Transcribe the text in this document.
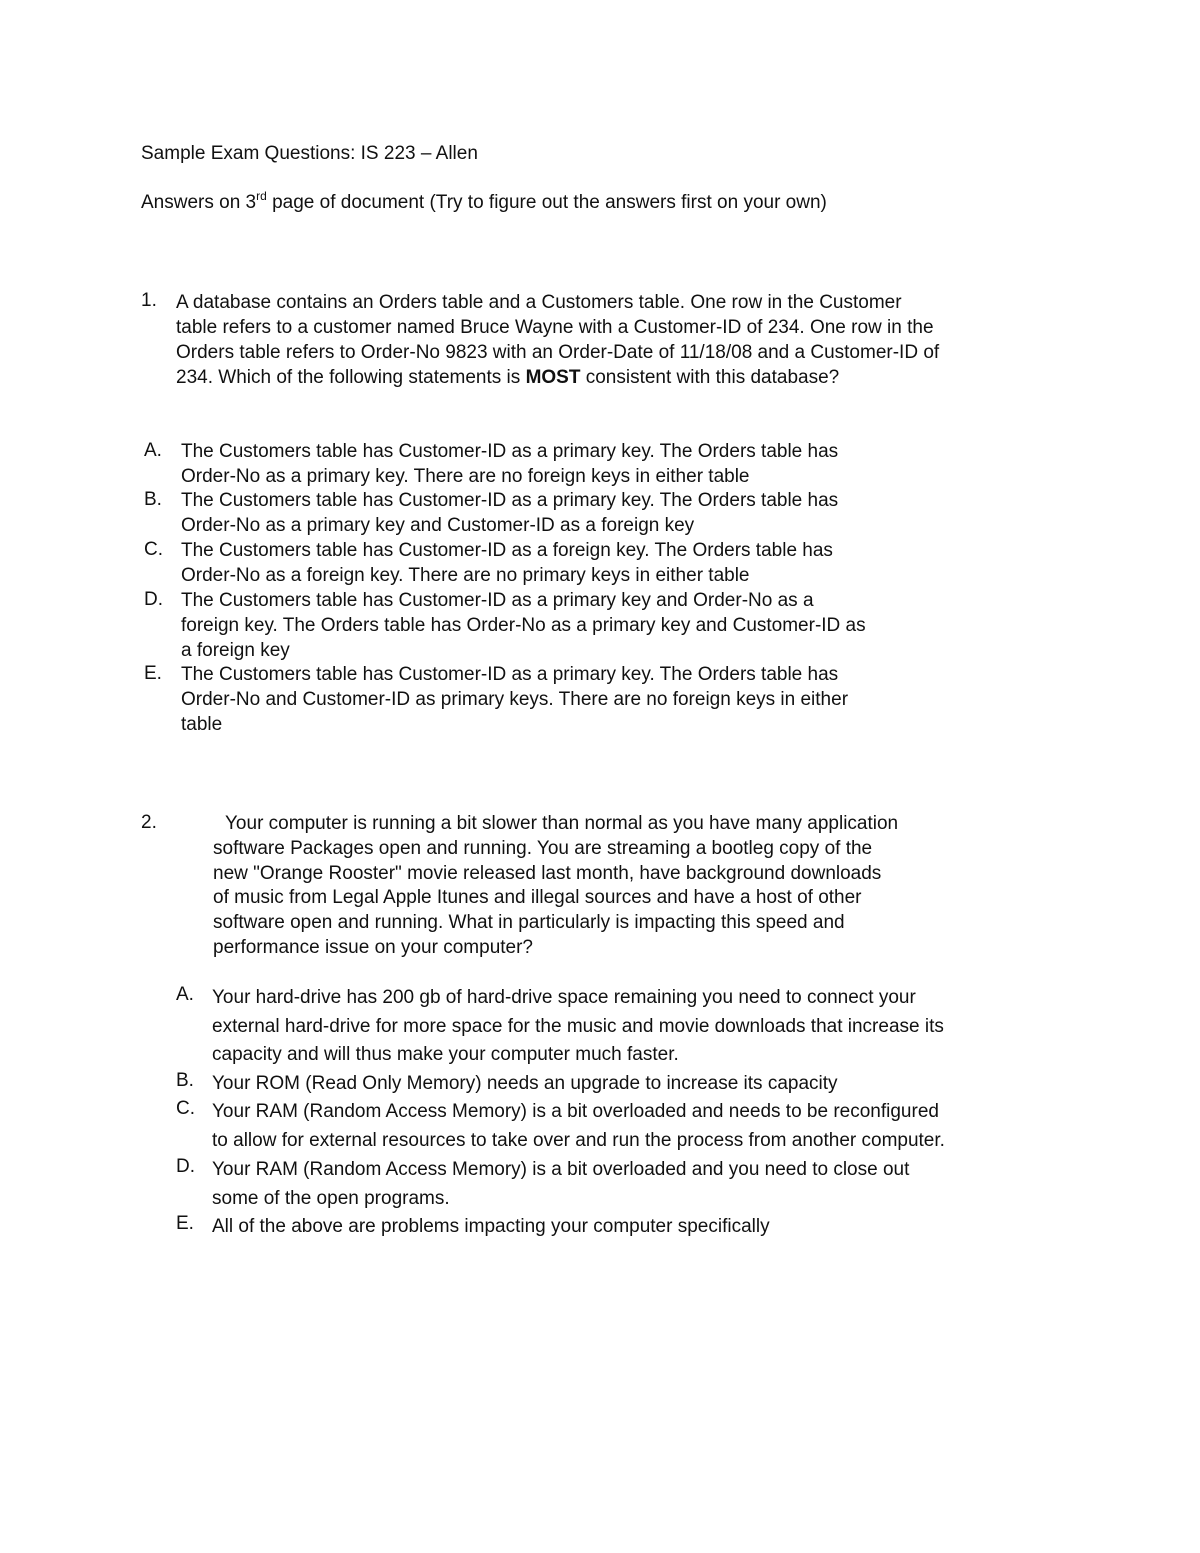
Sample Exam Questions: IS 223 – Allen
Answers on 3rd page of document (Try to figure out the answers first on your own)
1. A database contains an Orders table and a Customers table. One row in the Customer
table refers to a customer named Bruce Wayne with a Customer-ID of 234. One row in the
Orders table refers to Order-No 9823 with an Order-Date of 11/18/08 and a Customer-ID of
234. Which of the following statements is MOST consistent with this database?
A. The Customers table has Customer-ID as a primary key. The Orders table has
Order-No as a primary key. There are no foreign keys in either table
B. The Customers table has Customer-ID as a primary key. The Orders table has
Order-No as a primary key and Customer-ID as a foreign key
C. The Customers table has Customer-ID as a foreign key. The Orders table has
Order-No as a foreign key. There are no primary keys in either table
D. The Customers table has Customer-ID as a primary key and Order-No as a
foreign key. The Orders table has Order-No as a primary key and Customer-ID as
a foreign key
E. The Customers table has Customer-ID as a primary key. The Orders table has
Order-No and Customer-ID as primary keys. There are no foreign keys in either
table
2.	Your computer is running a bit slower than normal as you have many application
software Packages open and running. You are streaming a bootleg copy of the
new "Orange Rooster" movie released last month, have background downloads
of music from Legal Apple Itunes and illegal sources and have a host of other
software open and running. What in particularly is impacting this speed and
performance issue on your computer?
A. Your hard-drive has 200 gb of hard-drive space remaining you need to connect your
external hard-drive for more space for the music and movie downloads that increase its
capacity and will thus make your computer much faster.
B. Your ROM (Read Only Memory) needs an upgrade to increase its capacity
C. Your RAM (Random Access Memory) is a bit overloaded and needs to be reconfigured
to allow for external resources to take over and run the process from another computer.
D. Your RAM (Random Access Memory) is a bit overloaded and you need to close out
some of the open programs.
E. All of the above are problems impacting your computer specifically
